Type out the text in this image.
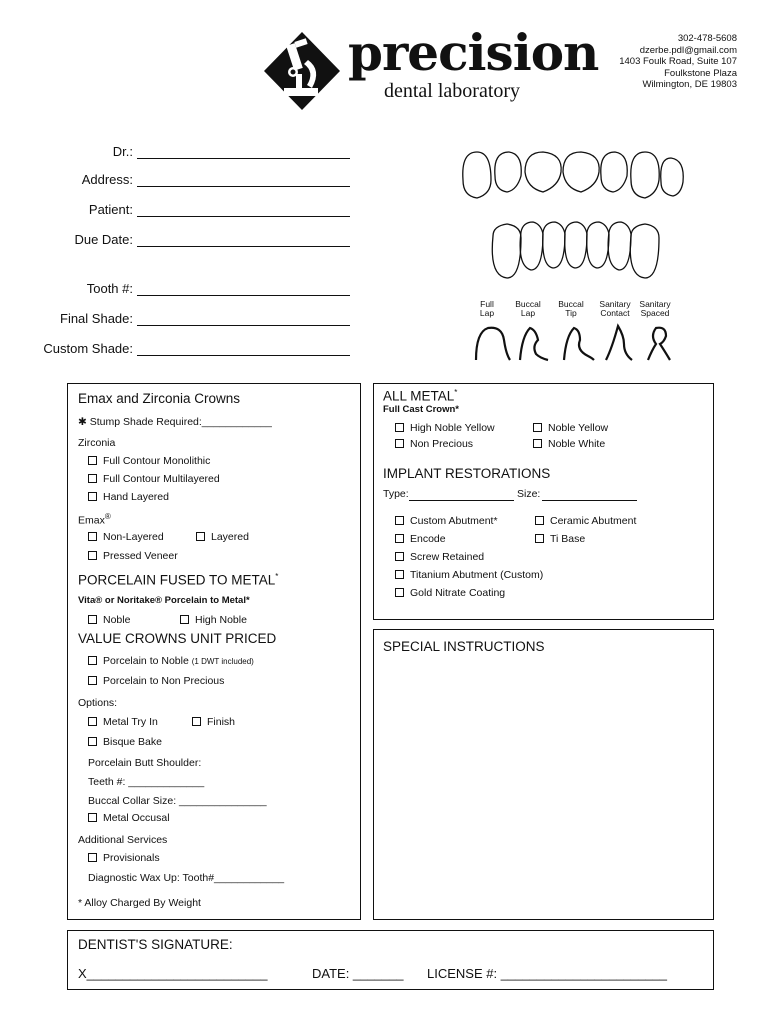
precision
dental laboratory
302-478-5608
dzerbe.pdl@gmail.com
1403 Foulk Road, Suite 107
Foulkstone Plaza
Wilmington, DE 19803
Dr.:
Address:
Patient:
Due Date:
Tooth #:
Final Shade:
Custom Shade:
Full
Lap
Buccal
Lap
Buccal
Tip
Sanitary
Contact
Sanitary
Spaced
Emax and Zirconia Crowns
✱ Stump Shade Required:____________
Zirconia
Full Contour Monolithic
Full Contour Multilayered
Hand Layered
Emax®
Non-Layered	Layered
Pressed Veneer
PORCELAIN FUSED TO METAL*
Vita® or Noritake® Porcelain to Metal*
Noble	High Noble
VALUE CROWNS UNIT PRICED
Porcelain to Noble (1 DWT included)
Porcelain to Non Precious
Options:
Metal Try In	Finish
Bisque Bake
Porcelain Butt Shoulder:
Teeth #: _____________
Buccal Collar Size: _______________
Metal Occusal
Additional Services
Provisionals
Diagnostic Wax Up: Tooth#____________
* Alloy Charged By Weight
ALL METAL*
Full Cast Crown*
High Noble Yellow	Noble Yellow
Non Precious	Noble White
IMPLANT RESTORATIONS
Type:	Size:
Custom Abutment*	Ceramic Abutment
Encode	Ti Base
Screw Retained
Titanium Abutment (Custom)
Gold Nitrate Coating
SPECIAL INSTRUCTIONS
DENTIST'S SIGNATURE:
X_________________________	DATE: _______ LICENSE #: _______________________
